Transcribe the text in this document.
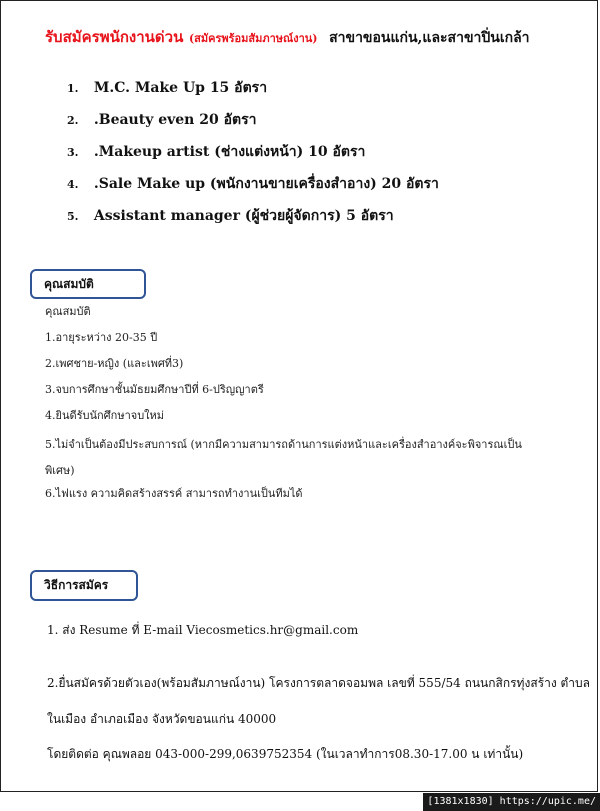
รับสมัครพนักงานด่วน (สมัครพร้อมสัมภาษณ์งาน) สาขาขอนแก่น,และสาขาปิ่นเกล้า
1. M.C. Make Up 15 อัตรา
2. .Beauty even 20 อัตรา
3. .Makeup artist (ช่างแต่งหน้า) 10 อัตรา
4. .Sale Make up (พนักงานขายเครื่องสำอาง) 20 อัตรา
5. Assistant manager (ผู้ช่วยผู้จัดการ) 5 อัตรา
คุณสมบัติ
คุณสมบัติ
1.อายุระหว่าง 20-35 ปี
2.เพศชาย-หญิง (และเพศที่3)
3.จบการศึกษาชั้นมัธยมศึกษาปีที่ 6-ปริญญาตรี
4.ยินดีรับนักศึกษาจบใหม่
5.ไม่จำเป็นต้องมีประสบการณ์ (หากมีความสามารถด้านการแต่งหน้าและเครื่องสำอางค์จะพิจารณเป็นพิเศษ)
6.ไฟแรง ความคิดสร้างสรรค์ สามารถทำงานเป็นทีมได้
วิธีการสมัคร
1. ส่ง Resume ที่ E-mail Viecosmetics.hr@gmail.com
2.ยื่นสมัครด้วยตัวเอง(พร้อมสัมภาษณ์งาน) โครงการตลาดจอมพล เลขที่ 555/54 ถนนกสิกรทุ่งสร้าง ตำบลในเมือง อำเภอเมือง จังหวัดขอนแก่น 40000
โดยติดต่อ คุณพลอย 043-000-299,0639752354 (ในเวลาทำการ08.30-17.00 น เท่านั้น)
[1381x1830] https://upic.me/
